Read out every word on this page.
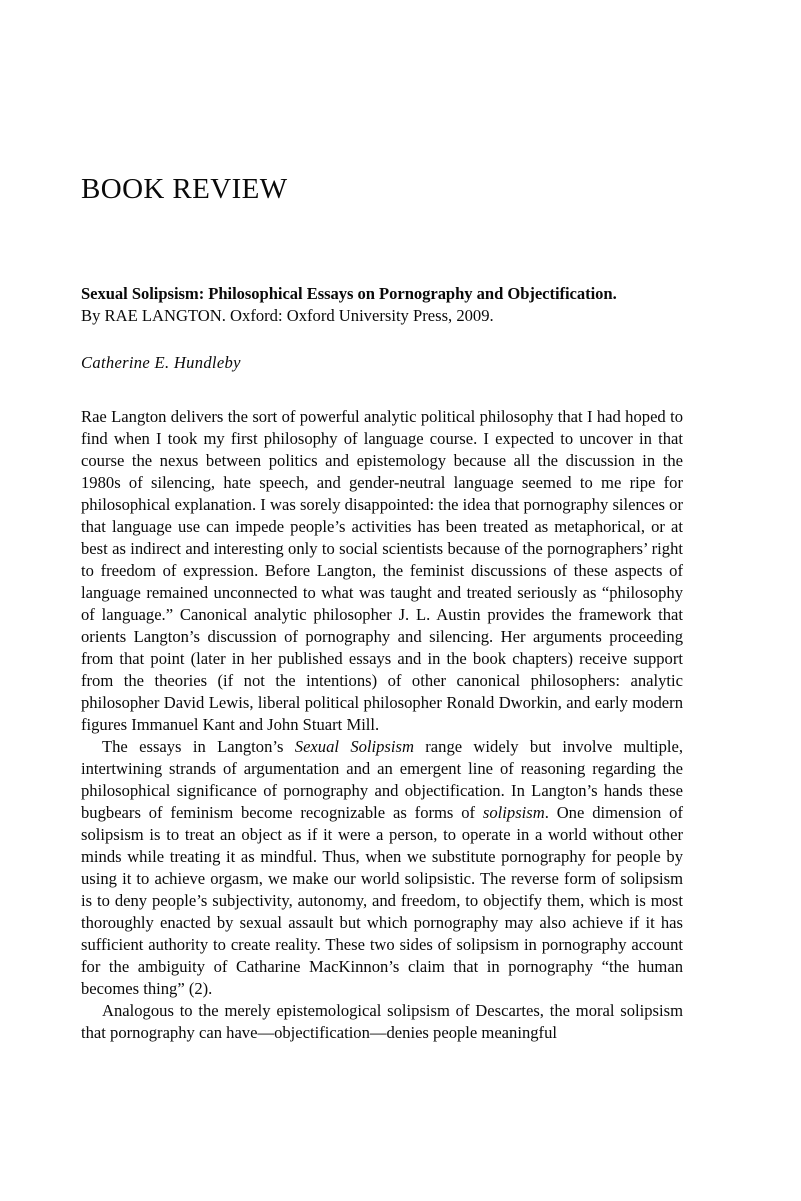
BOOK REVIEW
Sexual Solipsism: Philosophical Essays on Pornography and Objectification.
By RAE LANGTON. Oxford: Oxford University Press, 2009.
Catherine E. Hundleby

Rae Langton delivers the sort of powerful analytic political philosophy that I had hoped to find when I took my first philosophy of language course. I expected to uncover in that course the nexus between politics and epistemology because all the discussion in the 1980s of silencing, hate speech, and gender-neutral language seemed to me ripe for philosophical explanation. I was sorely disappointed: the idea that pornography silences or that language use can impede people’s activities has been treated as metaphorical, or at best as indirect and interesting only to social scientists because of the pornographers’ right to freedom of expression. Before Langton, the feminist discussions of these aspects of language remained unconnected to what was taught and treated seriously as “philosophy of language.” Canonical analytic philosopher J. L. Austin provides the framework that orients Langton’s discussion of pornography and silencing. Her arguments proceeding from that point (later in her published essays and in the book chapters) receive support from the theories (if not the intentions) of other canonical philosophers: analytic philosopher David Lewis, liberal political philosopher Ronald Dworkin, and early modern figures Immanuel Kant and John Stuart Mill.

The essays in Langton’s Sexual Solipsism range widely but involve multiple, intertwining strands of argumentation and an emergent line of reasoning regarding the philosophical significance of pornography and objectification. In Langton’s hands these bugbears of feminism become recognizable as forms of solipsism. One dimension of solipsism is to treat an object as if it were a person, to operate in a world without other minds while treating it as mindful. Thus, when we substitute pornography for people by using it to achieve orgasm, we make our world solipsistic. The reverse form of solipsism is to deny people’s subjectivity, autonomy, and freedom, to objectify them, which is most thoroughly enacted by sexual assault but which pornography may also achieve if it has sufficient authority to create reality. These two sides of solipsism in pornography account for the ambiguity of Catharine MacKinnon’s claim that in pornography “the human becomes thing” (2).

Analogous to the merely epistemological solipsism of Descartes, the moral solipsism that pornography can have—objectification—denies people meaningful
